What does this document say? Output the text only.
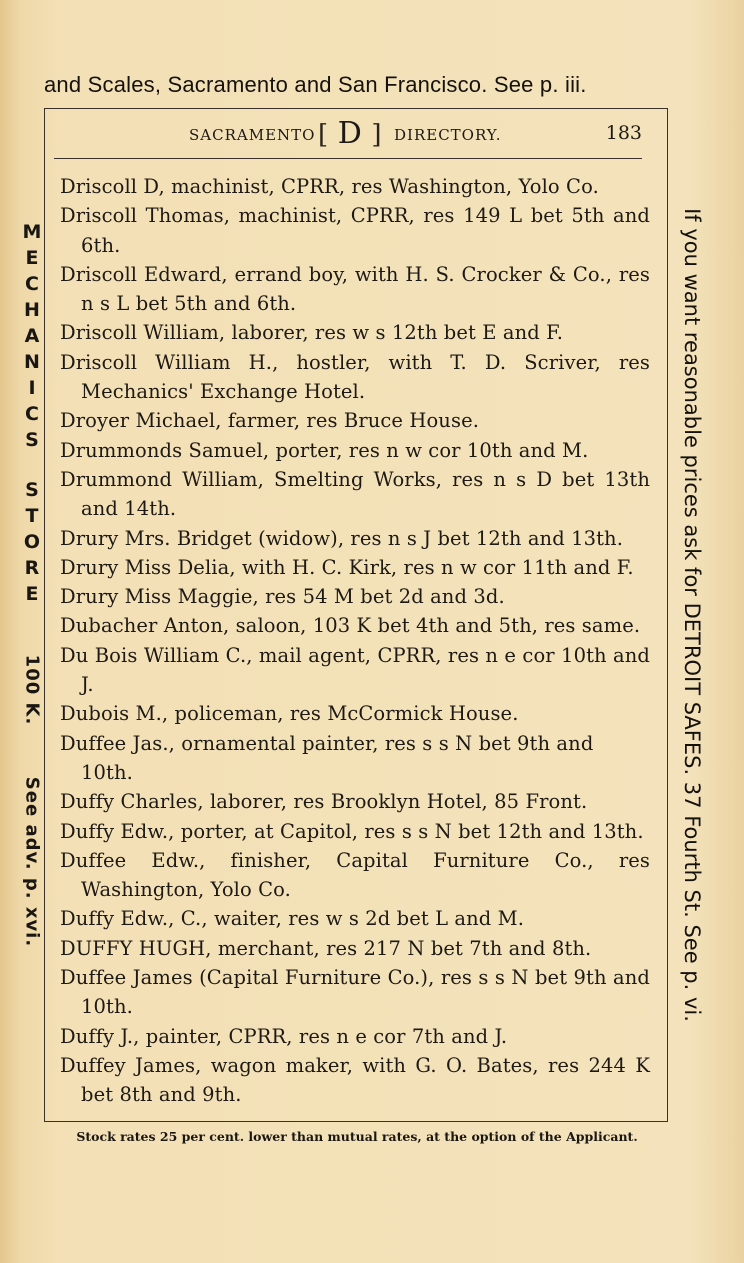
and Scales, Sacramento and San Francisco. See p. iii.
M
E
C
H
A
N
I
C
S
S
T
O
R
E
100 K.
See adv. p. xvi.	If you want reasonable prices ask for DETROIT SAFES. 37 Fourth St. See p. vi.
SACRAMENTO [ D ] DIRECTORY.	183
Driscoll D, machinist, CPRR, res Washington, Yolo Co.
Driscoll Thomas, machinist, CPRR, res 149 L bet 5th and 6th.
Driscoll Edward, errand boy, with H. S. Crocker & Co., res n s L bet 5th and 6th.
Driscoll William, laborer, res w s 12th bet E and F.
Driscoll William H., hostler, with T. D. Scriver, res Mechanics' Exchange Hotel.
Droyer Michael, farmer, res Bruce House.
Drummonds Samuel, porter, res n w cor 10th and M.
Drummond William, Smelting Works, res n s D bet 13th and 14th.
Drury Mrs. Bridget (widow), res n s J bet 12th and 13th.
Drury Miss Delia, with H. C. Kirk, res n w cor 11th and F.
Drury Miss Maggie, res 54 M bet 2d and 3d.
Dubacher Anton, saloon, 103 K bet 4th and 5th, res same.
Du Bois William C., mail agent, CPRR, res n e cor 10th and J.
Dubois M., policeman, res McCormick House.
Duffee Jas., ornamental painter, res s s N bet 9th and 10th.
Duffy Charles, laborer, res Brooklyn Hotel, 85 Front.
Duffy Edw., porter, at Capitol, res s s N bet 12th and 13th.
Duffee Edw., finisher, Capital Furniture Co., res Washington, Yolo Co.
Duffy Edw., C., waiter, res w s 2d bet L and M.
DUFFY HUGH, merchant, res 217 N bet 7th and 8th.
Duffee James (Capital Furniture Co.), res s s N bet 9th and 10th.
Duffy J., painter, CPRR, res n e cor 7th and J.
Duffey James, wagon maker, with G. O. Bates, res 244 K bet 8th and 9th.
Stock rates 25 per cent. lower than mutual rates, at the option of the Applicant.
